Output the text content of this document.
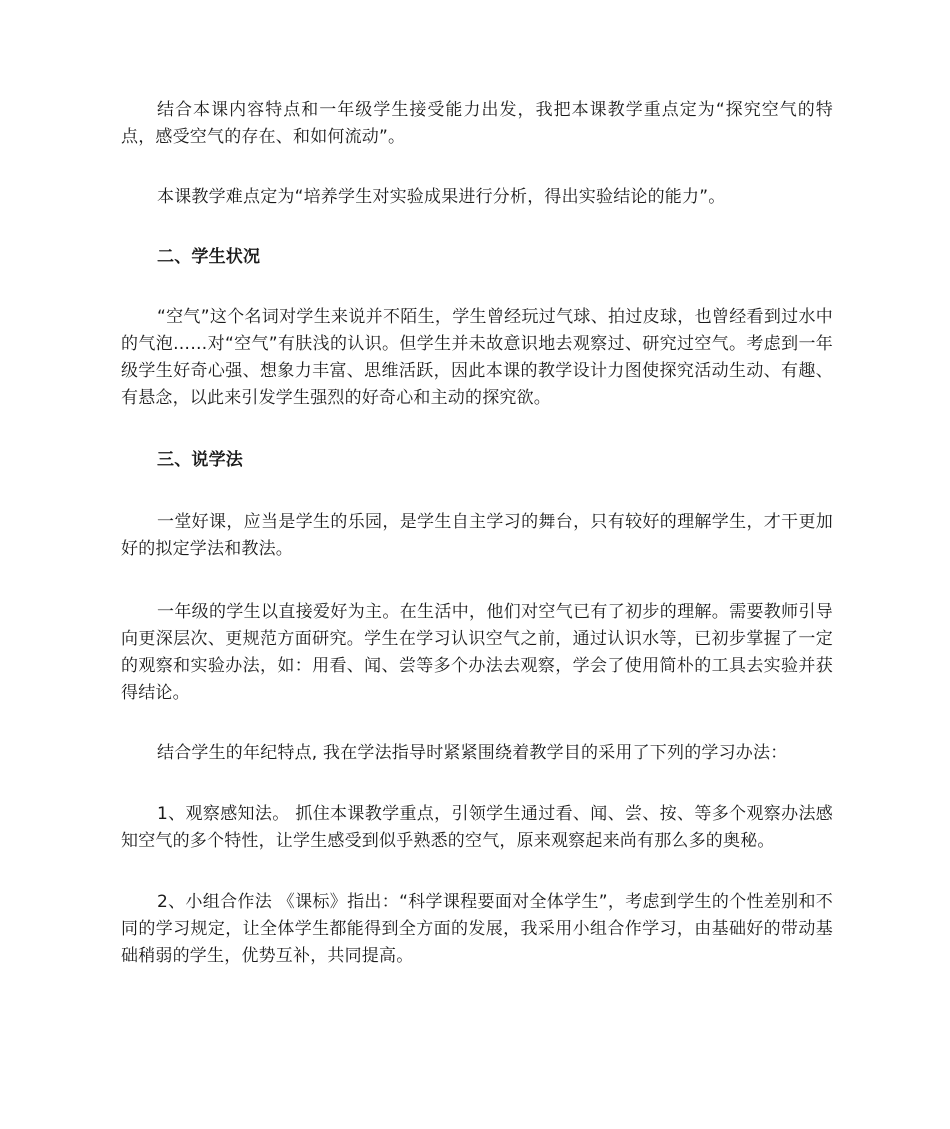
结合本课内容特点和一年级学生接受能力出发，我把本课教学重点定为“探究空气的特点，感受空气的存在、和如何流动”。

本课教学难点定为“培养学生对实验成果进行分析，得出实验结论的能力”。

二、学生状况

“空气”这个名词对学生来说并不陌生，学生曾经玩过气球、拍过皮球，也曾经看到过水中的气泡……对“空气”有肤浅的认识。但学生并未故意识地去观察过、研究过空气。考虑到一年级学生好奇心强、想象力丰富、思维活跃，因此本课的教学设计力图使探究活动生动、有趣、有悬念，以此来引发学生强烈的好奇心和主动的探究欲。

三、说学法

一堂好课，应当是学生的乐园，是学生自主学习的舞台，只有较好的理解学生，才干更加好的拟定学法和教法。

一年级的学生以直接爱好为主。在生活中，他们对空气已有了初步的理解。需要教师引导向更深层次、更规范方面研究。学生在学习认识空气之前，通过认识水等，已初步掌握了一定的观察和实验办法，如：用看、闻、尝等多个办法去观察，学会了使用简朴的工具去实验并获得结论。

结合学生的年纪特点, 我在学法指导时紧紧围绕着教学目的采用了下列的学习办法：

1、观察感知法。 抓住本课教学重点，引领学生通过看、闻、尝、按、等多个观察办法感知空气的多个特性，让学生感受到似乎熟悉的空气，原来观察起来尚有那么多的奥秘。

2、小组合作法 《课标》指出：“科学课程要面对全体学生”，考虑到学生的个性差别和不同的学习规定，让全体学生都能得到全方面的发展，我采用小组合作学习，由基础好的带动基础稍弱的学生，优势互补，共同提高。
